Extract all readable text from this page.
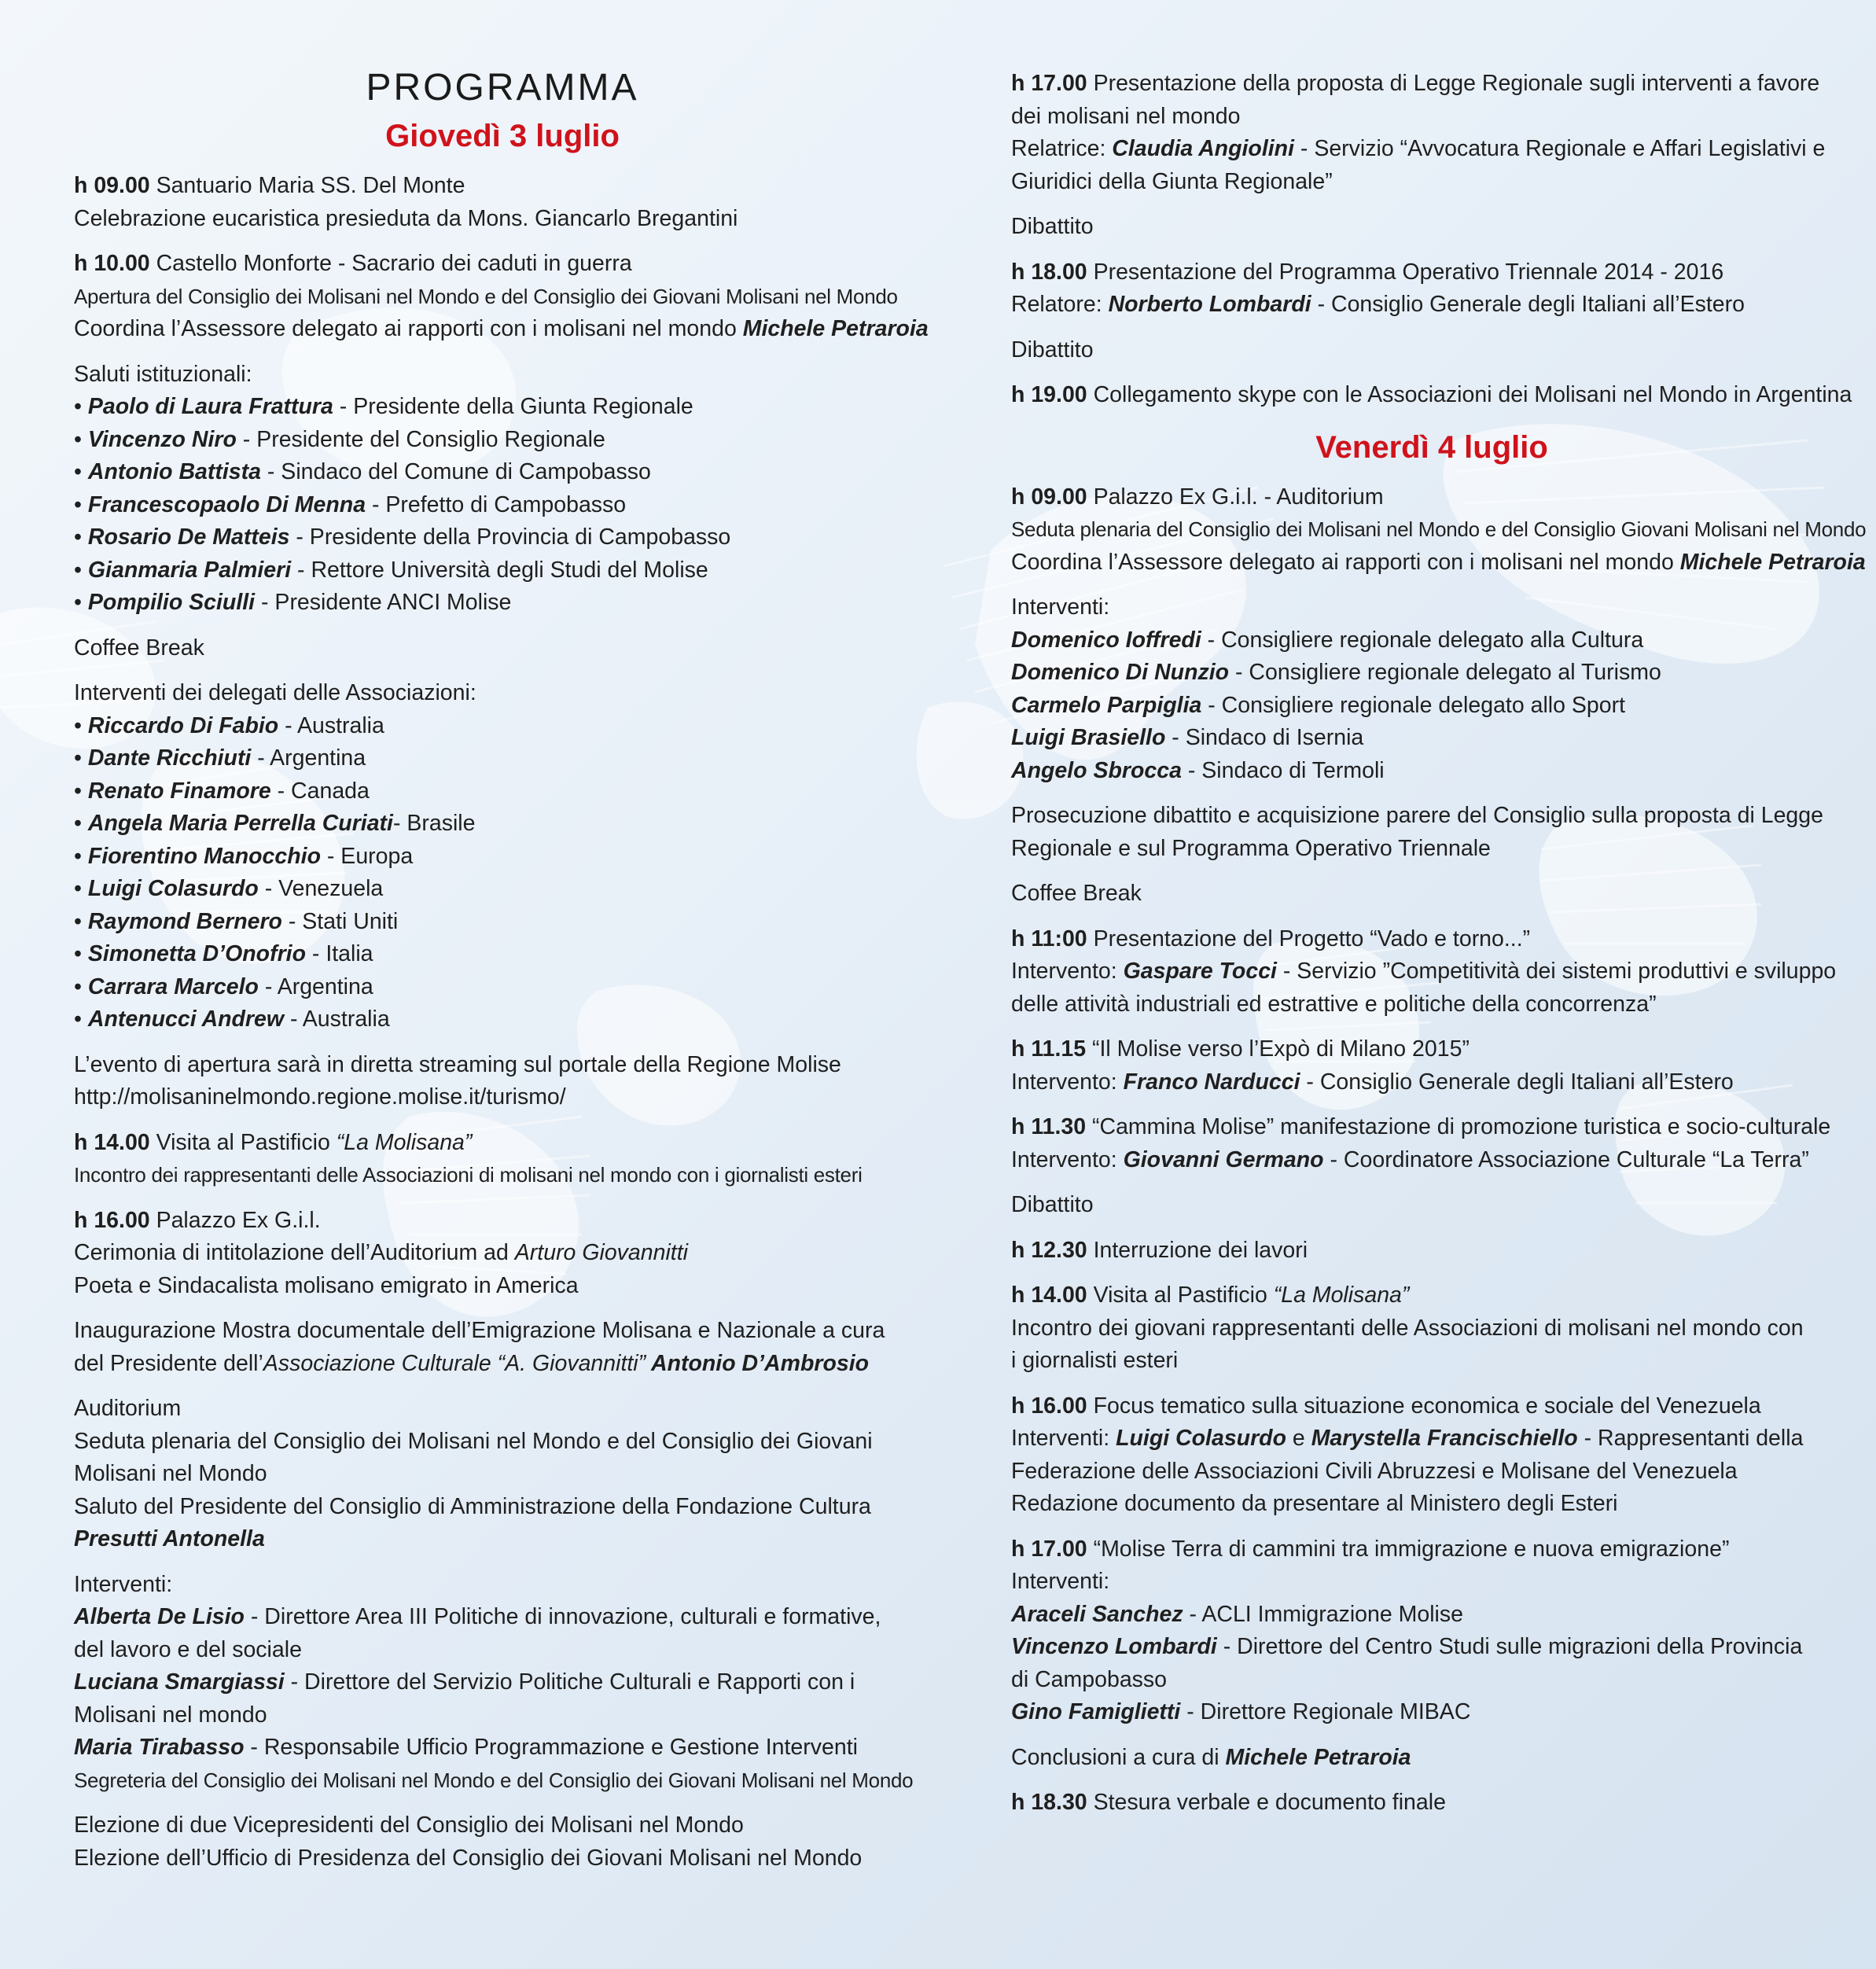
PROGRAMMA
Giovedì 3 luglio
h 09.00 Santuario Maria SS. Del Monte
Celebrazione eucaristica presieduta da Mons. Giancarlo Bregantini
h 10.00 Castello Monforte - Sacrario dei caduti in guerra
Apertura del Consiglio dei Molisani nel Mondo e del Consiglio dei Giovani Molisani nel Mondo
Coordina l’Assessore delegato ai rapporti con i molisani nel mondo Michele Petraroia
Saluti istituzionali:
• Paolo di Laura Frattura - Presidente della Giunta Regionale
• Vincenzo Niro - Presidente del Consiglio Regionale
• Antonio Battista - Sindaco del Comune di Campobasso
• Francescopaolo Di Menna - Prefetto di Campobasso
• Rosario De Matteis - Presidente della Provincia di Campobasso
• Gianmaria Palmieri - Rettore Università degli Studi del Molise
• Pompilio Sciulli - Presidente ANCI Molise
Coffee Break
Interventi dei delegati delle Associazioni:
• Riccardo Di Fabio - Australia
• Dante Ricchiuti - Argentina
• Renato Finamore - Canada
• Angela Maria Perrella Curiati- Brasile
• Fiorentino Manocchio - Europa
• Luigi Colasurdo - Venezuela
• Raymond Bernero - Stati Uniti
• Simonetta D’Onofrio - Italia
• Carrara Marcelo - Argentina
• Antenucci Andrew - Australia
L’evento di apertura sarà in diretta streaming sul portale della Regione Molise
http://molisaninelmondo.regione.molise.it/turismo/
h 14.00 Visita al Pastificio “La Molisana”
Incontro dei rappresentanti delle Associazioni di molisani nel mondo con i giornalisti esteri
h 16.00 Palazzo Ex G.i.l.
Cerimonia di intitolazione dell’Auditorium ad Arturo Giovannitti
Poeta e Sindacalista molisano emigrato in America
Inaugurazione Mostra documentale dell’Emigrazione Molisana e Nazionale a cura
del Presidente dell’Associazione Culturale “A. Giovannitti” Antonio D’Ambrosio
Auditorium
Seduta plenaria del Consiglio dei Molisani nel Mondo e del Consiglio dei Giovani
Molisani nel Mondo
Saluto del Presidente del Consiglio di Amministrazione della Fondazione Cultura
Presutti Antonella
Interventi:
Alberta De Lisio - Direttore Area III Politiche di innovazione, culturali e formative,
del lavoro e del sociale
Luciana Smargiassi - Direttore del Servizio Politiche Culturali e Rapporti con i
Molisani nel mondo
Maria Tirabasso - Responsabile Ufficio Programmazione e Gestione Interventi
Segreteria del Consiglio dei Molisani nel Mondo e del Consiglio dei Giovani Molisani nel Mondo
Elezione di due Vicepresidenti del Consiglio dei Molisani nel Mondo
Elezione dell’Ufficio di Presidenza del Consiglio dei Giovani Molisani nel Mondo
h 17.00 Presentazione della proposta di Legge Regionale sugli interventi a favore
dei molisani nel mondo
Relatrice: Claudia Angiolini - Servizio “Avvocatura Regionale e Affari Legislativi e
Giuridici della Giunta Regionale”
Dibattito
h 18.00 Presentazione del Programma Operativo Triennale 2014 - 2016
Relatore: Norberto Lombardi - Consiglio Generale degli Italiani all’Estero
Dibattito
h 19.00 Collegamento skype con le Associazioni dei Molisani nel Mondo in Argentina
Venerdì 4 luglio
h 09.00 Palazzo Ex G.i.l. - Auditorium
Seduta plenaria del Consiglio dei Molisani nel Mondo e del Consiglio Giovani Molisani nel Mondo
Coordina l’Assessore delegato ai rapporti con i molisani nel mondo Michele Petraroia
Interventi:
Domenico Ioffredi - Consigliere regionale delegato alla Cultura
Domenico Di Nunzio - Consigliere regionale delegato al Turismo
Carmelo Parpiglia - Consigliere regionale delegato allo Sport
Luigi Brasiello - Sindaco di Isernia
Angelo Sbrocca - Sindaco di Termoli
Prosecuzione dibattito e acquisizione parere del Consiglio sulla proposta di Legge
Regionale e sul Programma Operativo Triennale
Coffee Break
h 11:00 Presentazione del Progetto “Vado e torno...”
Intervento: Gaspare Tocci - Servizio ”Competitività dei sistemi produttivi e sviluppo
delle attività industriali ed estrattive e politiche della concorrenza”
h 11.15 “Il Molise verso l’Expò di Milano 2015”
Intervento: Franco Narducci - Consiglio Generale degli Italiani all’Estero
h 11.30 “Cammina Molise” manifestazione di promozione turistica e socio-culturale
Intervento: Giovanni Germano - Coordinatore Associazione Culturale “La Terra”
Dibattito
h 12.30 Interruzione dei lavori
h 14.00 Visita al Pastificio “La Molisana”
Incontro dei giovani rappresentanti delle Associazioni di molisani nel mondo con
i giornalisti esteri
h 16.00 Focus tematico sulla situazione economica e sociale del Venezuela
Interventi: Luigi Colasurdo e Marystella Francischiello - Rappresentanti della
Federazione delle Associazioni Civili Abruzzesi e Molisane del Venezuela
Redazione documento da presentare al Ministero degli Esteri
h 17.00 “Molise Terra di cammini tra immigrazione e nuova emigrazione”
Interventi:
Araceli Sanchez - ACLI Immigrazione Molise
Vincenzo Lombardi - Direttore del Centro Studi sulle migrazioni della Provincia
di Campobasso
Gino Famiglietti - Direttore Regionale MIBAC
Conclusioni a cura di Michele Petraroia
h 18.30 Stesura verbale e documento finale
